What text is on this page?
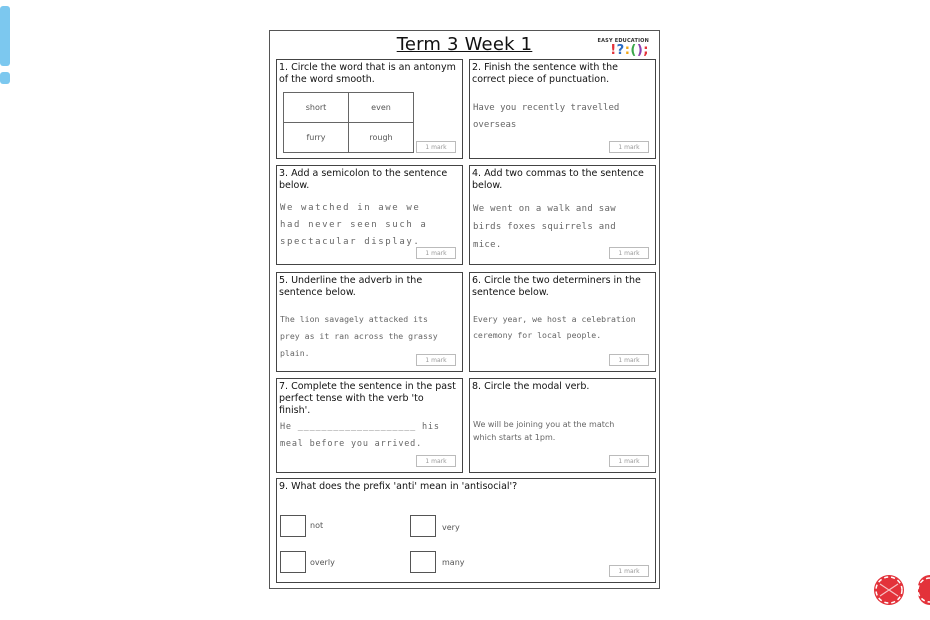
Term 3 Week 1	EASY EDUCATION
!?:();
1. Circle the word that is an antonym of the word smooth.
short	even
furry	rough
1 mark
2. Finish the sentence with the correct piece of punctuation.
Have you recently travelled
overseas
1 mark
3. Add a semicolon to the sentence below.
We watched in awe we
had never seen such a
spectacular display.
1 mark
4. Add two commas to the sentence below.
We went on a walk and saw
birds foxes squirrels and
mice.
1 mark
5. Underline the adverb in the sentence below.
The lion savagely attacked its
prey as it ran across the grassy
plain.
1 mark
6. Circle the two determiners in the sentence below.
Every year, we host a celebration
ceremony for local people.
1 mark
7. Complete the sentence in the past perfect tense with the verb 'to finish'.
He ____________________ his
meal before you arrived.
1 mark
8. Circle the modal verb.
We will be joining you at the match
which starts at 1pm.
1 mark
9. What does the prefix 'anti' mean in 'antisocial'?
not	very
overly	many
1 mark
